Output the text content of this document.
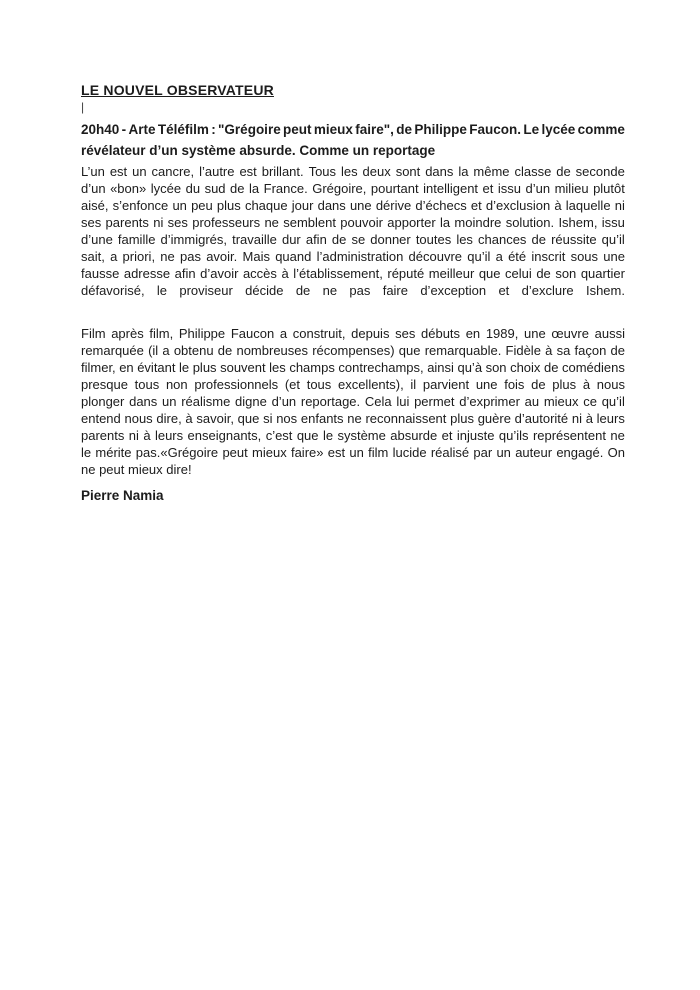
LE NOUVEL OBSERVATEUR
|
20h40 - Arte Téléfilm : "Grégoire peut mieux faire", de Philippe Faucon. Le lycée comme
révélateur d’un système absurde. Comme un reportage
L’un est un cancre, l’autre est brillant. Tous les deux sont dans la même classe de seconde
d’un «bon» lycée du sud de la France. Grégoire, pourtant intelligent et issu d’un milieu plutôt
aisé, s’enfonce un peu plus chaque jour dans une dérive d’échecs et d’exclusion à laquelle ni
ses parents ni ses professeurs ne semblent pouvoir apporter la moindre solution. Ishem, issu
d’une famille d’immigrés, travaille dur afin de se donner toutes les chances de réussite qu’il
sait, a priori, ne pas avoir. Mais quand l’administration découvre qu’il a été inscrit sous une
fausse adresse afin d’avoir accès à l’établissement, réputé meilleur que celui de son quartier
défavorisé, le proviseur décide de ne pas faire d’exception et d’exclure Ishem.
Film après film, Philippe Faucon a construit, depuis ses débuts en 1989, une œuvre aussi
remarquée (il a obtenu de nombreuses récompenses) que remarquable. Fidèle à sa façon de
filmer, en évitant le plus souvent les champs contrechamps, ainsi qu’à son choix de comédiens
presque tous non professionnels (et tous excellents), il parvient une fois de plus à nous
plonger dans un réalisme digne d’un reportage. Cela lui permet d’exprimer au mieux ce qu’il
entend nous dire, à savoir, que si nos enfants ne reconnaissent plus guère d’autorité ni à leurs
parents ni à leurs enseignants, c’est que le système absurde et injuste qu’ils représentent ne
le mérite pas.«Grégoire peut mieux faire» est un film lucide réalisé par un auteur engagé. On
ne peut mieux dire!
Pierre Namia
